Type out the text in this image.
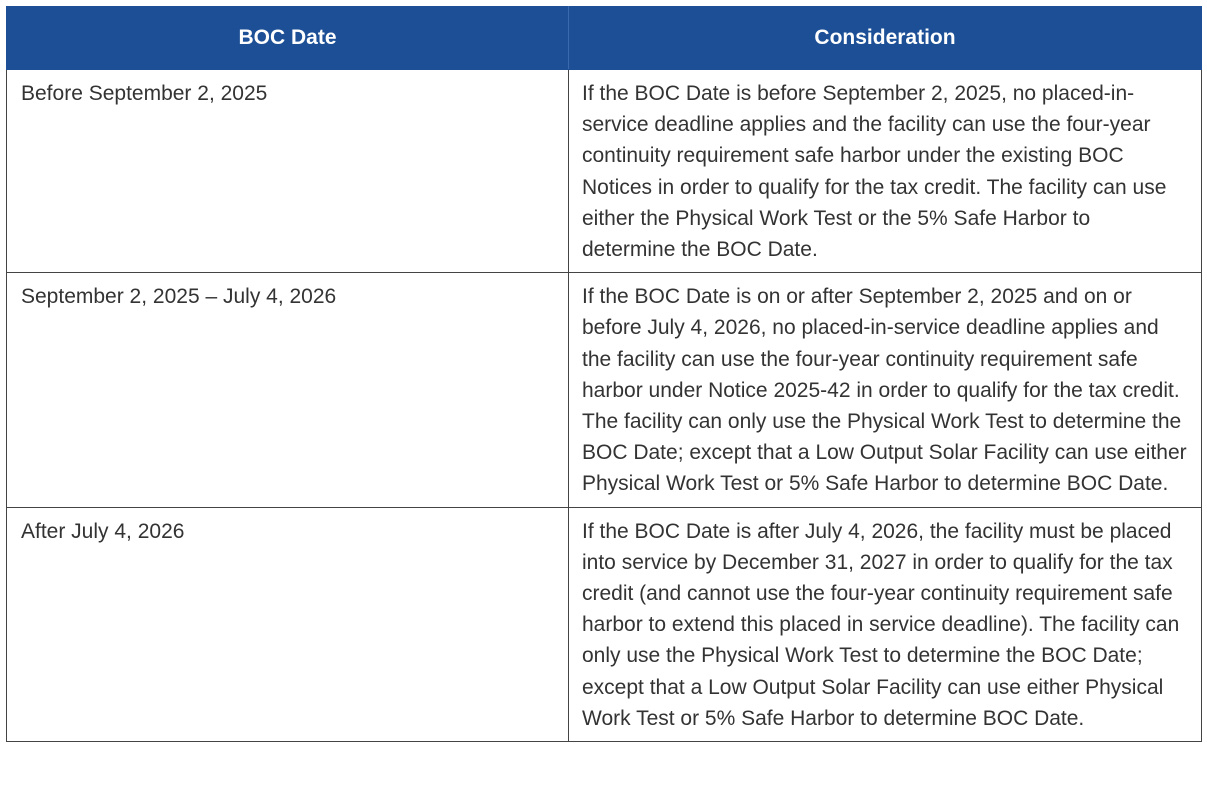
BOC Date	Consideration
Before September 2, 2025	If the BOC Date is before September 2, 2025, no placed-in-service deadline applies and the facility can use the four-year continuity requirement safe harbor under the existing BOC Notices in order to qualify for the tax credit. The facility can use either the Physical Work Test or the 5% Safe Harbor to determine the BOC Date.
September 2, 2025 – July 4, 2026	If the BOC Date is on or after September 2, 2025 and on or before July 4, 2026, no placed-in-service deadline applies and the facility can use the four-year continuity requirement safe harbor under Notice 2025-42 in order to qualify for the tax credit. The facility can only use the Physical Work Test to determine the BOC Date; except that a Low Output Solar Facility can use either Physical Work Test or 5% Safe Harbor to determine BOC Date.
After July 4, 2026	If the BOC Date is after July 4, 2026, the facility must be placed into service by December 31, 2027 in order to qualify for the tax credit (and cannot use the four-year continuity requirement safe harbor to extend this placed in service deadline). The facility can only use the Physical Work Test to determine the BOC Date; except that a Low Output Solar Facility can use either Physical Work Test or 5% Safe Harbor to determine BOC Date.
